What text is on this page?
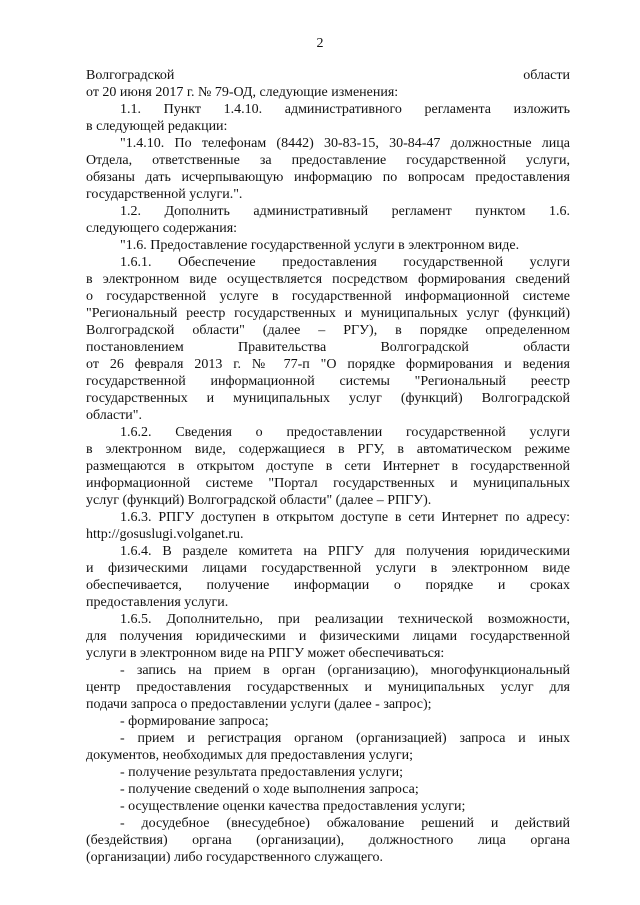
2
Волгоградской области
от 20 июня 2017 г. № 79-ОД, следующие изменения:
1.1. Пункт 1.4.10. административного регламента изложить
в следующей редакции:
"1.4.10. По телефонам (8442) 30-83-15, 30-84-47 должностные лица
Отдела, ответственные за предоставление государственной услуги,
обязаны дать исчерпывающую информацию по вопросам предоставления
государственной услуги.".
1.2. Дополнить административный регламент пунктом 1.6.
следующего содержания:
"1.6. Предоставление государственной услуги в электронном виде.
1.6.1. Обеспечение предоставления государственной услуги
в электронном виде осуществляется посредством формирования сведений
о государственной услуге в государственной информационной системе
"Региональный реестр государственных и муниципальных услуг (функций)
Волгоградской области" (далее – РГУ), в порядке определенном
постановлением Правительства Волгоградской области
от 26 февраля 2013 г. № 77-п "О порядке формирования и ведения
государственной информационной системы "Региональный реестр
государственных и муниципальных услуг (функций) Волгоградской
области".
1.6.2. Сведения о предоставлении государственной услуги
в электронном виде, содержащиеся в РГУ, в автоматическом режиме
размещаются в открытом доступе в сети Интернет в государственной
информационной системе "Портал государственных и муниципальных
услуг (функций) Волгоградской области" (далее – РПГУ).
1.6.3. РПГУ доступен в открытом доступе в сети Интернет по адресу:
http://gosuslugi.volganet.ru.
1.6.4. В разделе комитета на РПГУ для получения юридическими
и физическими лицами государственной услуги в электронном виде
обеспечивается, получение информации о порядке и сроках
предоставления услуги.
1.6.5. Дополнительно, при реализации технической возможности,
для получения юридическими и физическими лицами государственной
услуги в электронном виде на РПГУ может обеспечиваться:
- запись на прием в орган (организацию), многофункциональный
центр предоставления государственных и муниципальных услуг для
подачи запроса о предоставлении услуги (далее - запрос);
- формирование запроса;
- прием и регистрация органом (организацией) запроса и иных
документов, необходимых для предоставления услуги;
- получение результата предоставления услуги;
- получение сведений о ходе выполнения запроса;
- осуществление оценки качества предоставления услуги;
- досудебное (внесудебное) обжалование решений и действий
(бездействия) органа (организации), должностного лица органа
(организации) либо государственного служащего.
